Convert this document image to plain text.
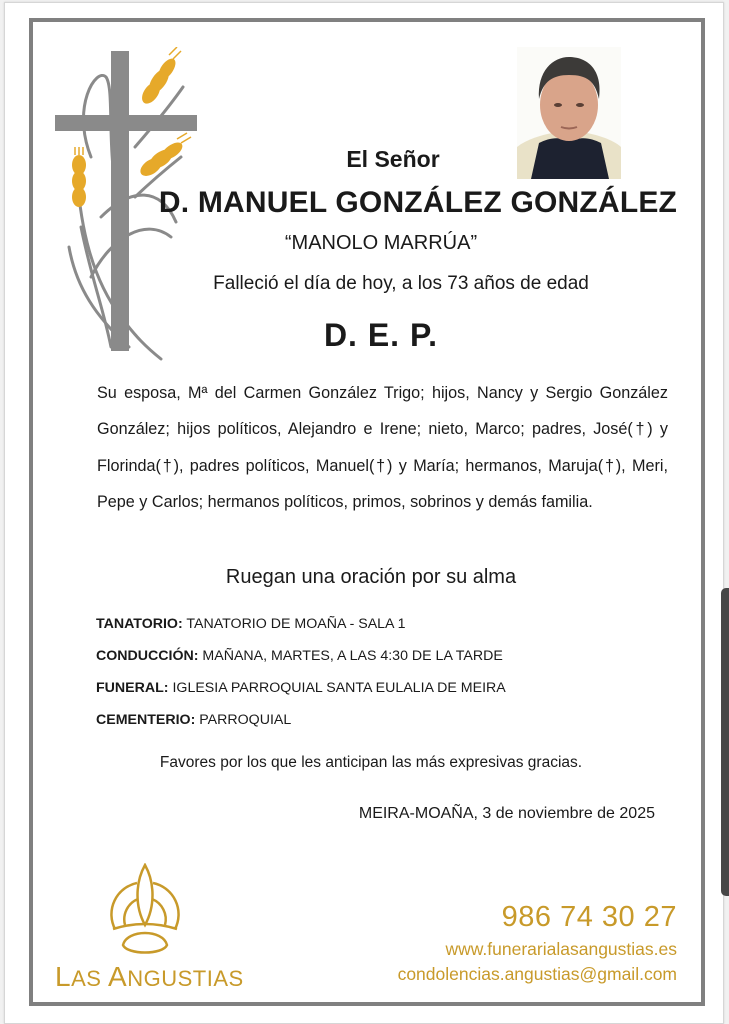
El Señor
D. MANUEL GONZÁLEZ GONZÁLEZ
“MANOLO MARRÚA”
Falleció el día de hoy, a los 73 años de edad
D. E. P.
Su esposa, Mª del Carmen González Trigo; hijos, Nancy y Sergio González González; hijos políticos, Alejandro e Irene; nieto, Marco; padres, José(†) y Florinda(†), padres políticos, Manuel(†) y María; hermanos, Maruja(†), Meri, Pepe y Carlos; hermanos políticos, primos, sobrinos y demás familia.
Ruegan una oración por su alma
TANATORIO: TANATORIO DE MOAÑA - SALA 1
CONDUCCIÓN: MAÑANA, MARTES, A LAS 4:30 DE LA TARDE
FUNERAL: IGLESIA PARROQUIAL SANTA EULALIA DE MEIRA
CEMENTERIO: PARROQUIAL
Favores por los que les anticipan las más expresivas gracias.
MEIRA-MOAÑA, 3 de noviembre de 2025
LAS ANGUSTIAS
986 74 30 27
www.funerarialasangustias.es
condolencias.angustias@gmail.com
